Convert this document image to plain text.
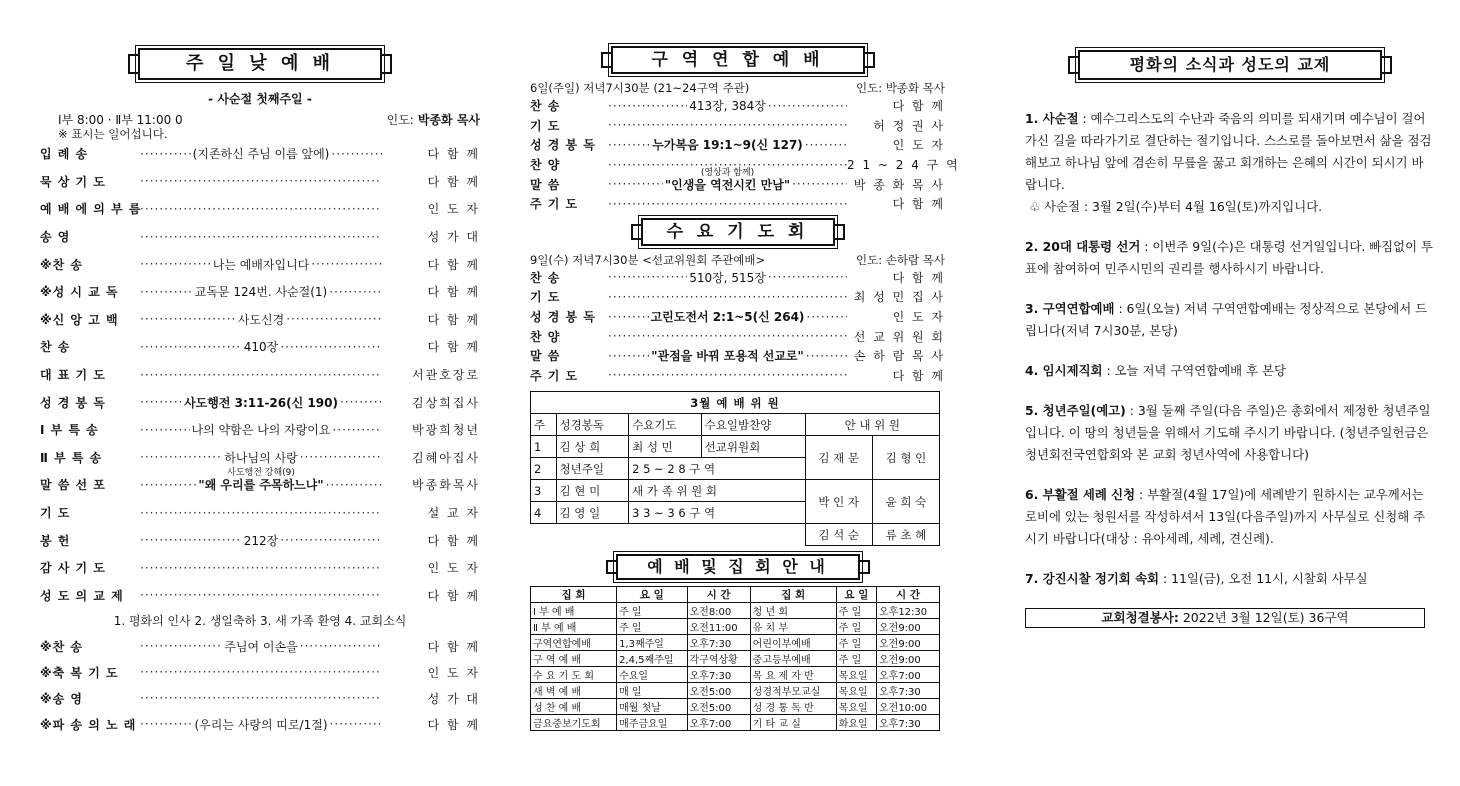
주 일 낮 예 배
- 사순절 첫째주일 -
Ⅰ부 8:00 · Ⅱ부 11:00 0	인도: 박종화 목사
※ 표시는 일어섭니다.
입 례 송 ·····	(지존하신 주님 이름 앞에) ·····	다 함 께
묵 상 기 도 ·····	다 함 께
예 배 에 의 부 름 ·····	인 도 자
송 영 ·····	성 가 대
※찬 송 ·····	나는 예배자입니다 ·····	다 함 께
※성 시 교 독 ·····	교독문 124번. 사순절(1) ·····	다 함 께
※신 앙 고 백 ·····	사도신경 ·····	다 함 께
찬 송 ·····	410장 ·····	다 함 께
대 표 기 도 ·····	서관호장로
성 경 봉 독 ·····	사도행전 3:11-26(신 190) ·····	김상희집사
Ⅰ 부 특 송 ·····	나의 약함은 나의 자랑이요 ·····	박광희청년
Ⅱ 부 특 송 ·····	하나님의 사랑 ·····	김혜아집사
말 씀 선 포
·····
사도행전 강해(9)
"왜 우리를 주목하느냐" ·····	박종화목사
기 도 ·····	설 교 자
봉 헌 ·····	212장 ·····	다 함 께
감 사 기 도 ·····	인 도 자
성 도 의 교 제 ·····	다 함 께
1. 평화의 인사 2. 생일축하 3. 새 가족 환영 4. 교회소식
※찬 송 ·····	주님여 이손을 ·····	다 함 께
※축 복 기 도 ·····	인 도 자
※송 영 ·····	성 가 대
※파 송 의 노 래 ·····	(우리는 사랑의 띠로/1절) ·····	다 함 께
구 역 연 합 예 배
6일(주일) 저녁7시30분 (21~24구역 주관)	인도: 박종화 목사
찬 송 ·····	413장, 384장 ·····	다 함 께
기 도 ·····	허 정 권 사
성 경 봉 독 ·····	누가복음 19:1~9(신 127) ·····	인 도 자
찬 양 ·····	2 1 ~ 2 4 구 역
말 씀
·····
(영상과 함께)
"인생을 역전시킨 만남" ·····	박 종 화 목 사
주 기 도 ·····	다 함 께
수 요 기 도 회
9일(수) 저녁7시30분 <선교위원회 주관예배>	인도: 손하람 목사
찬 송 ·····	510장, 515장 ·····	다 함 께
기 도 ·····	최 성 민 집 사
성 경 봉 독 ·····	고린도전서 2:1~5(신 264) ·····	인 도 자
찬 양 ·····	선 교 위 원 회
말 씀 ·····	"관점을 바꿔 포용적 선교로" ·····	손 하 람 목 사
주 기 도 ·····	다 함 께
3월 예 배 위 원					
주	성경봉독	수요기도	수요일밤찬양	안 내 위 원	
1	김 상 희	최 성 민	선교위원회	김 재 문	김 형 인
2	청년주일	2 5 ~ 2 8 구 역			
3	김 현 미	새 가 족 위 원 회		박 인 자	윤 희 숙
4	김 영 일	3 3 ~ 3 6 구 역			
				김 석 순	류 초 혜
예 배 및 집 회 안 내
집 회	요 일	시 간	집 회	요 일	시 간
Ⅰ 부 예 배	주 일	오전8:00	청 년 회	주 일	오후12:30
Ⅱ 부 예 배	주 일	오전11:00	유 치 부	주 일	오전9:00
구역연합예배	1,3째주일	오후7:30	어린이부예배	주 일	오전9:00
구 역 예 배	2,4,5째주일	각구역상황	중고등부예배	주 일	오전9:00
수 요 기 도 회	수요일	오후7:30	목 요 제 자 반	목요일	오후7:00
새 벽 예 배	매 일	오전5:00	성경적부모교실	목요일	오후7:30
성 찬 예 배	매월 첫날	오전5:00	성 경 통 독 반	목요일	오전10:00
금요중보기도회	매주금요일	오후7:00	기 타 교 실	화요일	오후7:30
평화의 소식과 성도의 교제

1. 사순절 : 예수그리스도의 수난과 죽음의 의미를 되새기며 예수님이 걸어가신 길을 따라가기로 결단하는 절기입니다. 스스로를 돌아보면서 삶을 점검해보고 하나님 앞에 겸손히 무릎을 꿇고 회개하는 은혜의 시간이 되시기 바랍니다.

♧ 사순절 : 3월 2일(수)부터 4월 16일(토)까지입니다.

2. 20대 대통령 선거 : 이번주 9일(수)은 대통령 선거일입니다. 빠짐없이 투표에 참여하여 민주시민의 권리를 행사하시기 바랍니다.

3. 구역연합예배 : 6일(오늘) 저녁 구역연합예배는 정상적으로 본당에서 드립니다(저녁 7시30분, 본당)

4. 임시제직회 : 오늘 저녁 구역연합예배 후 본당

5. 청년주일(예고) : 3월 둘째 주일(다음 주일)은 총회에서 제정한 청년주일입니다. 이 땅의 청년들을 위해서 기도해 주시기 바랍니다. (청년주일헌금은 청년회전국연합회와 본 교회 청년사역에 사용합니다)

6. 부활절 세례 신청 : 부활절(4월 17일)에 세례받기 원하시는 교우께서는 로비에 있는 청원서를 작성하셔서 13일(다음주일)까지 사무실로 신청해 주시기 바랍니다(대상 : 유아세례, 세례, 견신례).

7. 강진시찰 정기회 속회 : 11일(금), 오전 11시, 시찰회 사무실

교회청결봉사: 2022년 3월 12일(토) 36구역
